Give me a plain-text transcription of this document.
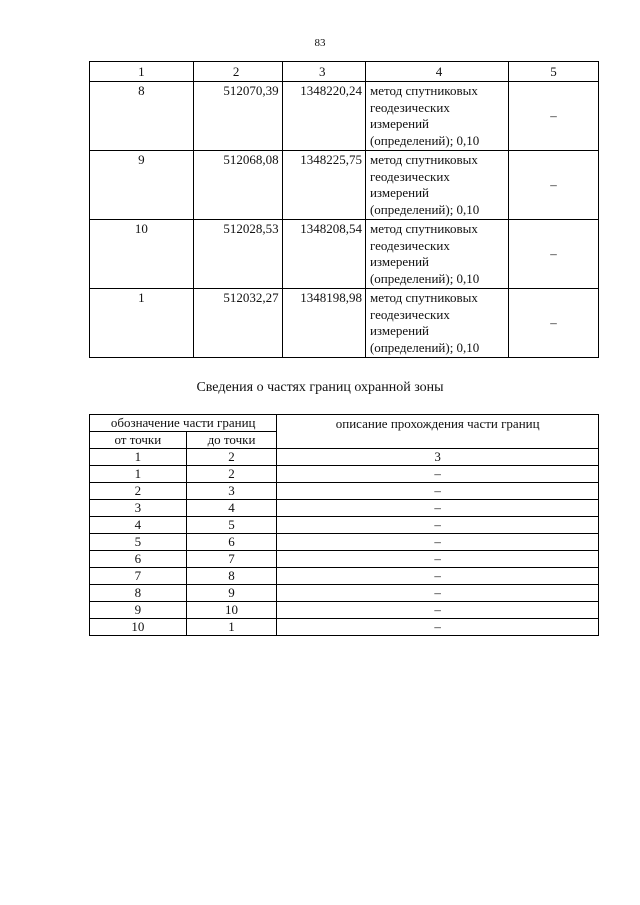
83
1	2	3	4	5
8	512070,39	1348220,24	метод спутниковых
геодезических
измерений
(определений); 0,10	–
9	512068,08	1348225,75	метод спутниковых
геодезических
измерений
(определений); 0,10	–
10	512028,53	1348208,54	метод спутниковых
геодезических
измерений
(определений); 0,10	–
1	512032,27	1348198,98	метод спутниковых
геодезических
измерений
(определений); 0,10	–
Сведения о частях границ охранной зоны
обозначение части границ		описание прохождения части границ
от точки	до точки	
1	2	3
1	2	–
2	3	–
3	4	–
4	5	–
5	6	–
6	7	–
7	8	–
8	9	–
9	10	–
10	1	–
